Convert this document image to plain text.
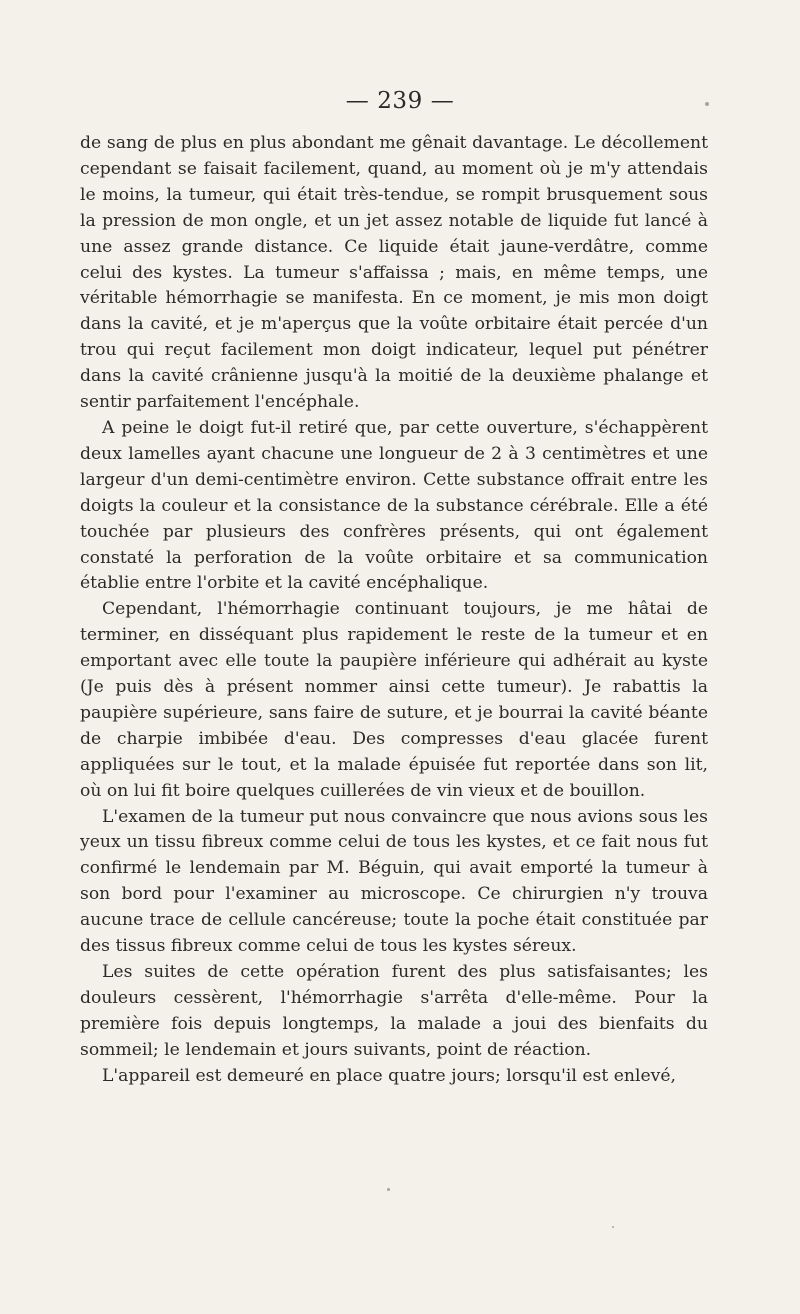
— 239 —

de sang de plus en plus abondant me gênait davantage. Le décollement cependant se faisait facilement, quand, au moment où je m'y attendais le moins, la tumeur, qui était très-tendue, se rompit brusquement sous la pression de mon ongle, et un jet assez notable de liquide fut lancé à une assez grande distance. Ce liquide était jaune-verdâtre, comme celui des kystes. La tumeur s'affaissa ; mais, en même temps, une véritable hémorrhagie se manifesta. En ce moment, je mis mon doigt dans la cavité, et je m'aperçus que la voûte orbitaire était percée d'un trou qui reçut facilement mon doigt indicateur, lequel put pénétrer dans la cavité crânienne jusqu'à la moitié de la deuxième phalange et sentir parfaitement l'encéphale.

A peine le doigt fut-il retiré que, par cette ouverture, s'échappèrent deux lamelles ayant chacune une longueur de 2 à 3 centimètres et une largeur d'un demi-centimètre environ. Cette substance offrait entre les doigts la couleur et la consistance de la substance cérébrale. Elle a été touchée par plusieurs des confrères présents, qui ont également constaté la perforation de la voûte orbitaire et sa communication établie entre l'orbite et la cavité encéphalique.

Cependant, l'hémorrhagie continuant toujours, je me hâtai de terminer, en disséquant plus rapidement le reste de la tumeur et en emportant avec elle toute la paupière inférieure qui adhérait au kyste (Je puis dès à présent nommer ainsi cette tumeur). Je rabattis la paupière supérieure, sans faire de suture, et je bourrai la cavité béante de charpie imbibée d'eau. Des compresses d'eau glacée furent appliquées sur le tout, et la malade épuisée fut reportée dans son lit, où on lui fit boire quelques cuillerées de vin vieux et de bouillon.

L'examen de la tumeur put nous convaincre que nous avions sous les yeux un tissu fibreux comme celui de tous les kystes, et ce fait nous fut confirmé le lendemain par M. Béguin, qui avait emporté la tumeur à son bord pour l'examiner au microscope. Ce chirurgien n'y trouva aucune trace de cellule cancéreuse; toute la poche était constituée par des tissus fibreux comme celui de tous les kystes séreux.

Les suites de cette opération furent des plus satisfaisantes; les douleurs cessèrent, l'hémorrhagie s'arrêta d'elle-même. Pour la première fois depuis longtemps, la malade a joui des bienfaits du sommeil; le lendemain et jours suivants, point de réaction.

L'appareil est demeuré en place quatre jours; lorsqu'il est enlevé,
